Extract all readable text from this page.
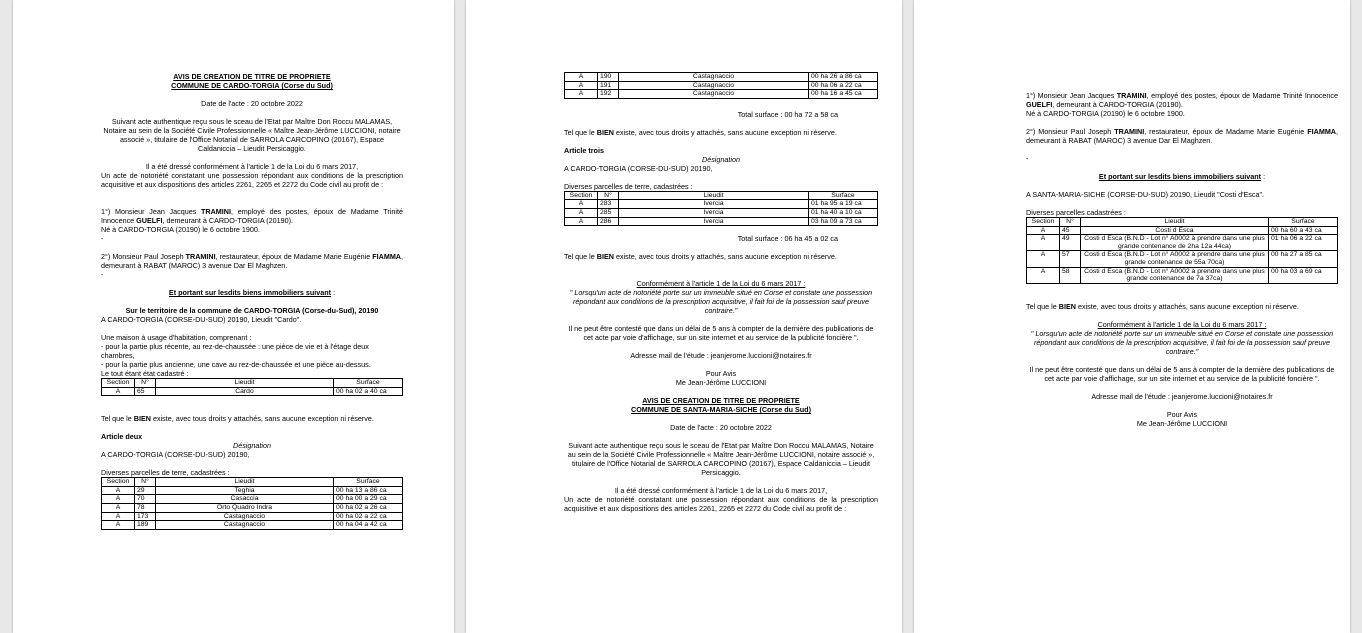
AVIS DE CREATION DE TITRE DE PROPRIETE
COMMUNE DE CARDO-TORGIA (Corse du Sud)
Date de l'acte : 20 octobre 2022
Suivant acte authentique reçu sous le sceau de l'Etat par Maître Don Roccu MALAMAS, Notaire au sein de la Société Civile Professionnelle « Maître Jean-Jérôme LUCCIONI, notaire associé », titulaire de l'Office Notarial de SARROLA CARCOPINO (20167), Espace Caldaniccia – Lieudit Persicaggio.
Il a été dressé conformément à l'article 1 de la Loi du 6 mars 2017,
Un acte de notoriété constatant une possession répondant aux conditions de la prescription acquisitive et aux dispositions des articles 2261, 2265 et 2272 du Code civil au profit de :
1°) Monsieur Jean Jacques TRAMINI, employé des postes, époux de Madame Trinité Innocence GUELFI, demeurant à CARDO-TORGIA (20190).
Né à CARDO-TORGIA (20190) le 6 octobre 1900.
-
2°) Monsieur Paul Joseph TRAMINI, restaurateur, époux de Madame Marie Eugénie FIAMMA, demeurant à RABAT (MAROC) 3 avenue Dar El Maghzen.
-
Et portant sur lesdits biens immobiliers suivant :
Sur le territoire de la commune de CARDO-TORGIA (Corse-du-Sud), 20190
A CARDO-TORGIA (CORSE-DU-SUD) 20190, Lieudit "Cardo".
Une maison à usage d'habitation, comprenant :
- pour la partie plus récente, au rez-de-chaussée : une pièce de vie et à l'étage deux chambres,
- pour la partie plus ancienne, une cave au rez-de-chaussée et une pièce au-dessus.
Le tout étant état cadastré :
Section	N°	Lieudit	Surface
A	65	Cardo	00 ha 02 a 40 ca
Tel que le BIEN existe, avec tous droits y attachés, sans aucune exception ni réserve.
Article deux
Désignation
A CARDO-TORGIA (CORSE-DU-SUD) 20190,
Diverses parcelles de terre, cadastrées :
Section	N°	Lieudit	Surface
A	29	Teghia	00 ha 13 a 86 ca
A	70	Casaccia	00 ha 00 a 29 ca
A	78	Orto Quadro Indra	00 ha 02 a 26 ca
A	173	Castagnaccio	00 ha 02 a 22 ca
A	189	Castagnaccio	00 ha 04 a 42 ca
A	190	Castagnaccio	00 ha 26 a 86 ca
A	191	Castagnaccio	00 ha 06 a 22 ca
A	192	Castagnaccio	00 ha 16 a 45 ca
Total surface : 00 ha 72 a 58 ca
Tel que le BIEN existe, avec tous droits y attachés, sans aucune exception ni réserve.
Article trois
Désignation
A CARDO-TORGIA (CORSE-DU-SUD) 20190,
Diverses parcelles de terre, cadastrées :
Section	N°	Lieudit	Surface
A	283	Ivercia	01 ha 95 a 19 ca
A	285	Ivercia	01 ha 40 a 10 ca
A	286	Ivercia	03 ha 09 a 73 ca
Total surface : 06 ha 45 a 02 ca
Tel que le BIEN existe, avec tous droits y attachés, sans aucune exception ni réserve.
Conformément à l'article 1 de la Loi du 6 mars 2017 :
" Lorsqu'un acte de notoriété porte sur un immeuble situé en Corse et constate une possession répondant aux conditions de la prescription acquisitive, il fait foi de la possession sauf preuve contraire."
Il ne peut être contesté que dans un délai de 5 ans à compter de la dernière des publications de cet acte par voie d'affichage, sur un site internet et au service de la publicité foncière ".
Adresse mail de l'étude : jeanjerome.luccioni@notaires.fr
Pour Avis
Me Jean-Jérôme LUCCIONI
AVIS DE CREATION DE TITRE DE PROPRIETE
COMMUNE DE SANTA-MARIA-SICHE (Corse du Sud)
Date de l'acte : 20 octobre 2022
Suivant acte authentique reçu sous le sceau de l'Etat par Maître Don Roccu MALAMAS, Notaire au sein de la Société Civile Professionnelle « Maître Jean-Jérôme LUCCIONI, notaire associé », titulaire de l'Office Notarial de SARROLA CARCOPINO (20167), Espace Caldaniccia – Lieudit Persicaggio.
Il a été dressé conformément à l'article 1 de la Loi du 6 mars 2017,
Un acte de notoriété constatant une possession répondant aux conditions de la prescription acquisitive et aux dispositions des articles 2261, 2265 et 2272 du Code civil au profit de :
1°) Monsieur Jean Jacques TRAMINI, employé des postes, époux de Madame Trinité Innocence GUELFI, demeurant à CARDO-TORGIA (20190).
Né à CARDO-TORGIA (20190) le 6 octobre 1900.
2°) Monsieur Paul Joseph TRAMINI, restaurateur, époux de Madame Marie Eugénie FIAMMA, demeurant à RABAT (MAROC) 3 avenue Dar El Maghzen.
-
Et portant sur lesdits biens immobiliers suivant :
A SANTA-MARIA-SICHE (CORSE-DU-SUD) 20190, Lieudit "Costi d'Esca".
Diverses parcelles cadastrées :
Section	N°	Lieudit	Surface
A	45	Costi d Esca	00 ha 60 a 43 ca
A	49	Costi d Esca (B.N.D - Lot n° A0002 à prendre dans une plus grande contenance de 2ha 12a 44ca)	01 ha 06 a 22 ca
A	57	Costi d Esca (B.N.D - Lot n° A0002 à prendre dans une plus grande contenance de 55a 70ca)	00 ha 27 a 85 ca
A	58	Costi d Esca (B.N.D - Lot n° A0002 à prendre dans une plus grande contenance de 7a 37ca)	00 ha 03 a 69 ca
Tel que le BIEN existe, avec tous droits y attachés, sans aucune exception ni réserve.
Conformément à l'article 1 de la Loi du 6 mars 2017 :
" Lorsqu'un acte de notoriété porte sur un immeuble situé en Corse et constate une possession répondant aux conditions de la prescription acquisitive, il fait foi de la possession sauf preuve contraire."
Il ne peut être contesté que dans un délai de 5 ans à compter de la dernière des publications de cet acte par voie d'affichage, sur un site internet et au service de la publicité foncière ".
Adresse mail de l'étude : jeanjerome.luccioni@notaires.fr
Pour Avis
Me Jean-Jérôme LUCCIONI
